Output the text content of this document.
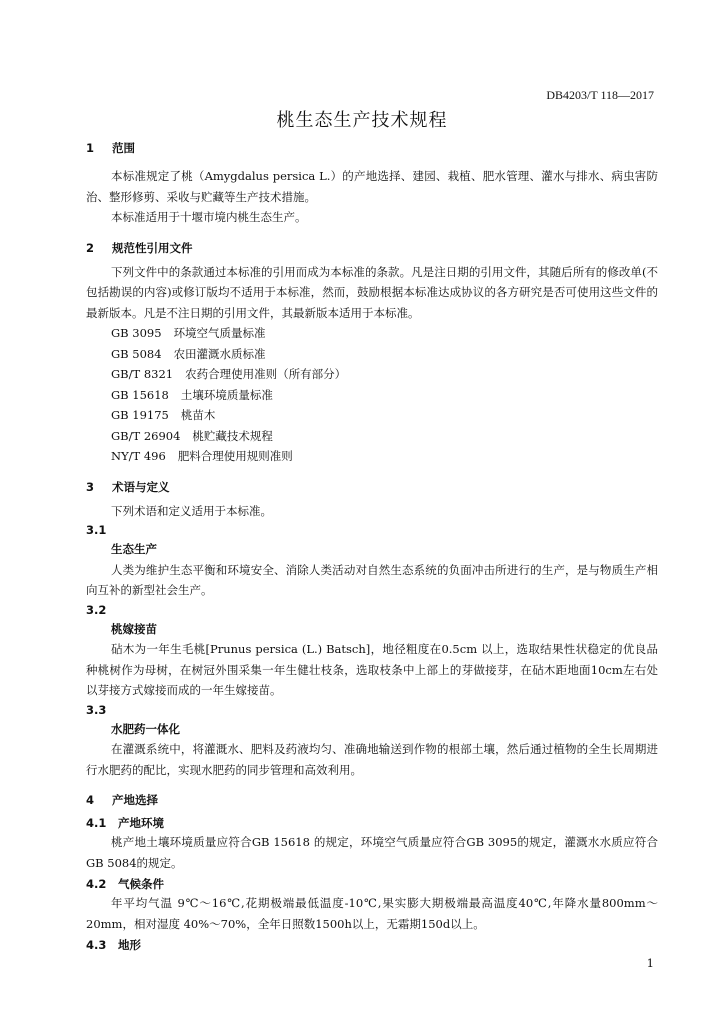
DB4203/T 118—2017
桃生态生产技术规程
1 范围

本标准规定了桃（Amygdalus persica L.）的产地选择、建园、栽植、肥水管理、灌水与排水、病虫害防治、整形修剪、采收与贮藏等生产技术措施。

本标准适用于十堰市境内桃生态生产。

2 规范性引用文件

下列文件中的条款通过本标准的引用而成为本标准的条款。凡是注日期的引用文件，其随后所有的修改单(不包括勘误的内容)或修订版均不适用于本标准，然而，鼓励根据本标准达成协议的各方研究是否可使用这些文件的最新版本。凡是不注日期的引用文件，其最新版本适用于本标准。

GB 3095 环境空气质量标准

GB 5084 农田灌溉水质标准

GB/T 8321 农药合理使用准则（所有部分）

GB 15618 土壤环境质量标准

GB 19175 桃苗木

GB/T 26904 桃贮藏技术规程

NY/T 496 肥料合理使用规则准则

3 术语与定义

下列术语和定义适用于本标准。

3.1
生态生产

人类为维护生态平衡和环境安全、消除人类活动对自然生态系统的负面冲击所进行的生产，是与物质生产相向互补的新型社会生产。

3.2
桃嫁接苗

砧木为一年生毛桃[Prunus persica (L.) Batsch]，地径粗度在0.5cm 以上，选取结果性状稳定的优良品种桃树作为母树，在树冠外围采集一年生健壮枝条，选取枝条中上部上的芽做接芽，在砧木距地面10cm左右处以芽接方式嫁接而成的一年生嫁接苗。

3.3
水肥药一体化

在灌溉系统中，将灌溉水、肥料及药液均匀、准确地输送到作物的根部土壤，然后通过植物的全生长周期进行水肥药的配比，实现水肥药的同步管理和高效利用。

4 产地选择
4.1 产地环境

桃产地土壤环境质量应符合GB 15618 的规定，环境空气质量应符合GB 3095的规定，灌溉水水质应符合GB 5084的规定。

4.2 气候条件

年平均气温 9℃～16℃,花期极端最低温度-10℃,果实膨大期极端最高温度40℃,年降水量800mm～20mm，相对湿度 40%～70%，全年日照数1500h以上，无霜期150d以上。

4.3 地形
1
